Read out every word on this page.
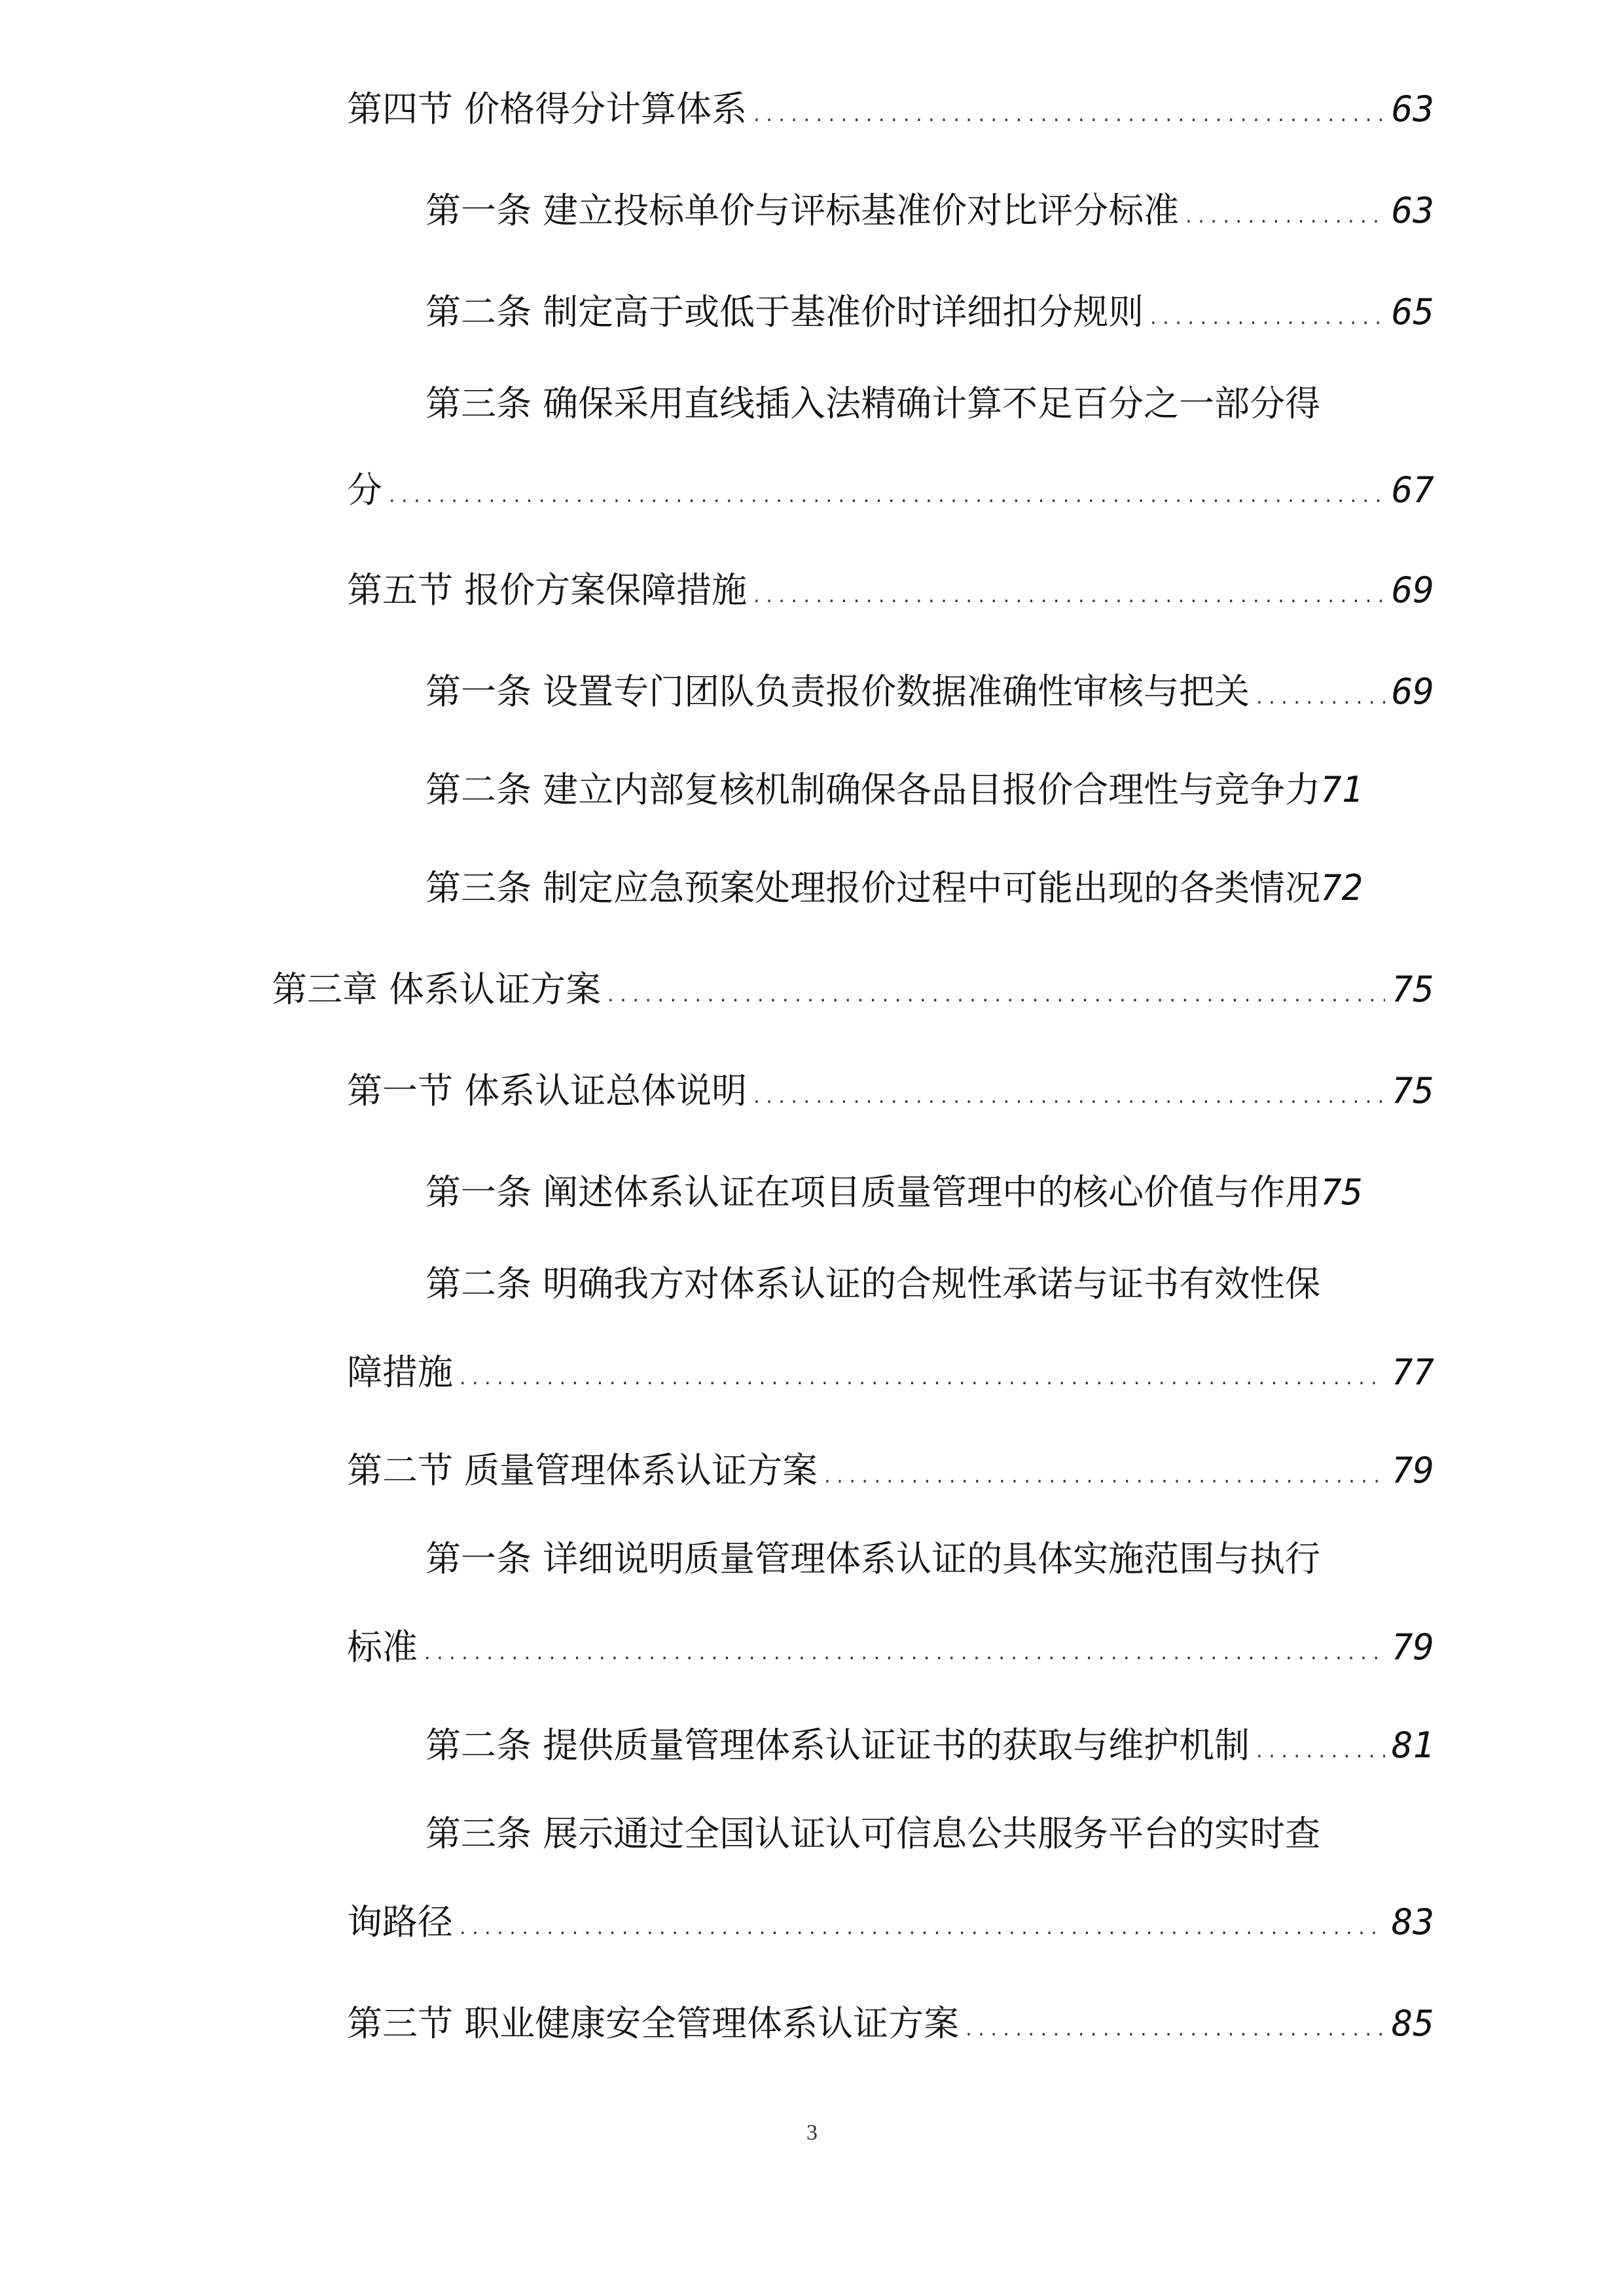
第四节 价格得分计算体系 . . .	63
第一条 建立投标单价与评标基准价对比评分标准 . . .	63
第二条 制定高于或低于基准价时详细扣分规则 . . .	65
第三条 确保采用直线插入法精确计算不足百分之一部分得
分 . . .	67
第五节 报价方案保障措施 . . .	69
第一条 设置专门团队负责报价数据准确性审核与把关 . . .	69
第二条 建立内部复核机制确保各品目报价合理性与竞争力 71
第三条 制定应急预案处理报价过程中可能出现的各类情况 72
第三章 体系认证方案 . . .	75
第一节 体系认证总体说明 . . .	75
第一条 阐述体系认证在项目质量管理中的核心价值与作用 75
第二条 明确我方对体系认证的合规性承诺与证书有效性保
障措施 . . .	77
第二节 质量管理体系认证方案 . . .	79
第一条 详细说明质量管理体系认证的具体实施范围与执行
标准 . . .	79
第二条 提供质量管理体系认证证书的获取与维护机制 . . .	81
第三条 展示通过全国认证认可信息公共服务平台的实时查
询路径 . . .	83
第三节 职业健康安全管理体系认证方案 . . .	85
3
